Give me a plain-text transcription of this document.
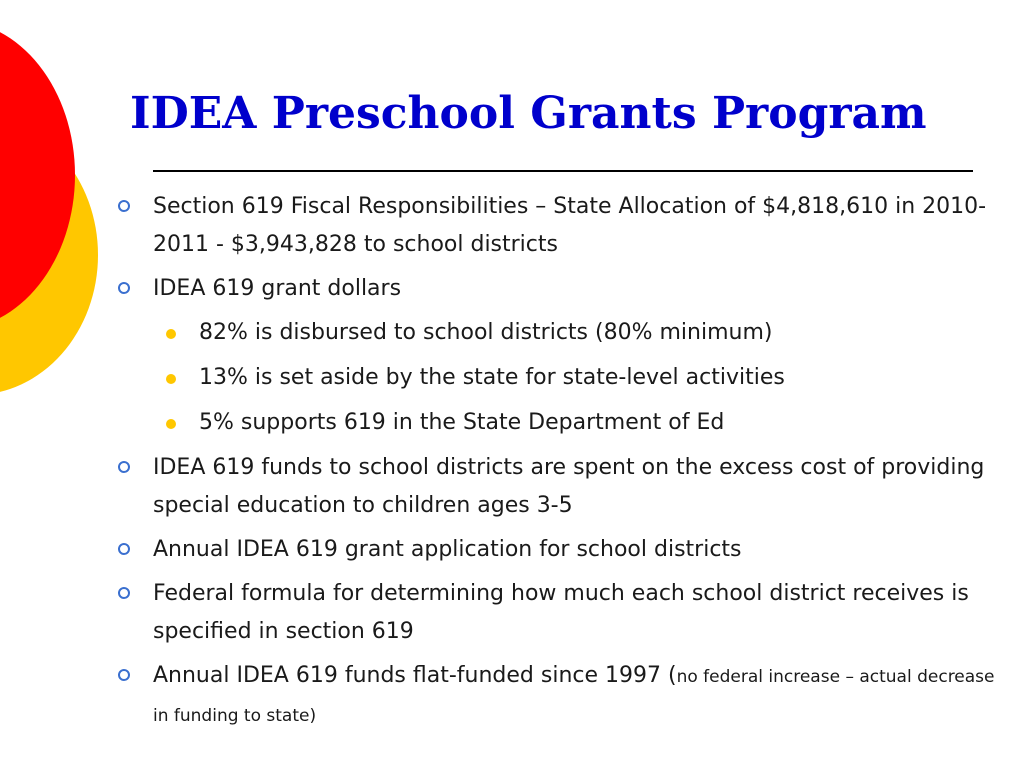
IDEA Preschool Grants Program
Section 619 Fiscal Responsibilities – State Allocation of $4,818,610 in 2010-2011 - $3,943,828 to school districts
IDEA 619 grant dollars
82% is disbursed to school districts (80% minimum)
13% is set aside by the state for state-level activities
5% supports 619 in the State Department of Ed
IDEA 619 funds to school districts are spent on the excess cost of providing special education to children ages 3-5
Annual IDEA 619 grant application for school districts
Federal formula for determining how much each school district receives is specified in section 619
Annual IDEA 619 funds flat-funded since 1997 (no federal increase – actual decrease in funding to state)
